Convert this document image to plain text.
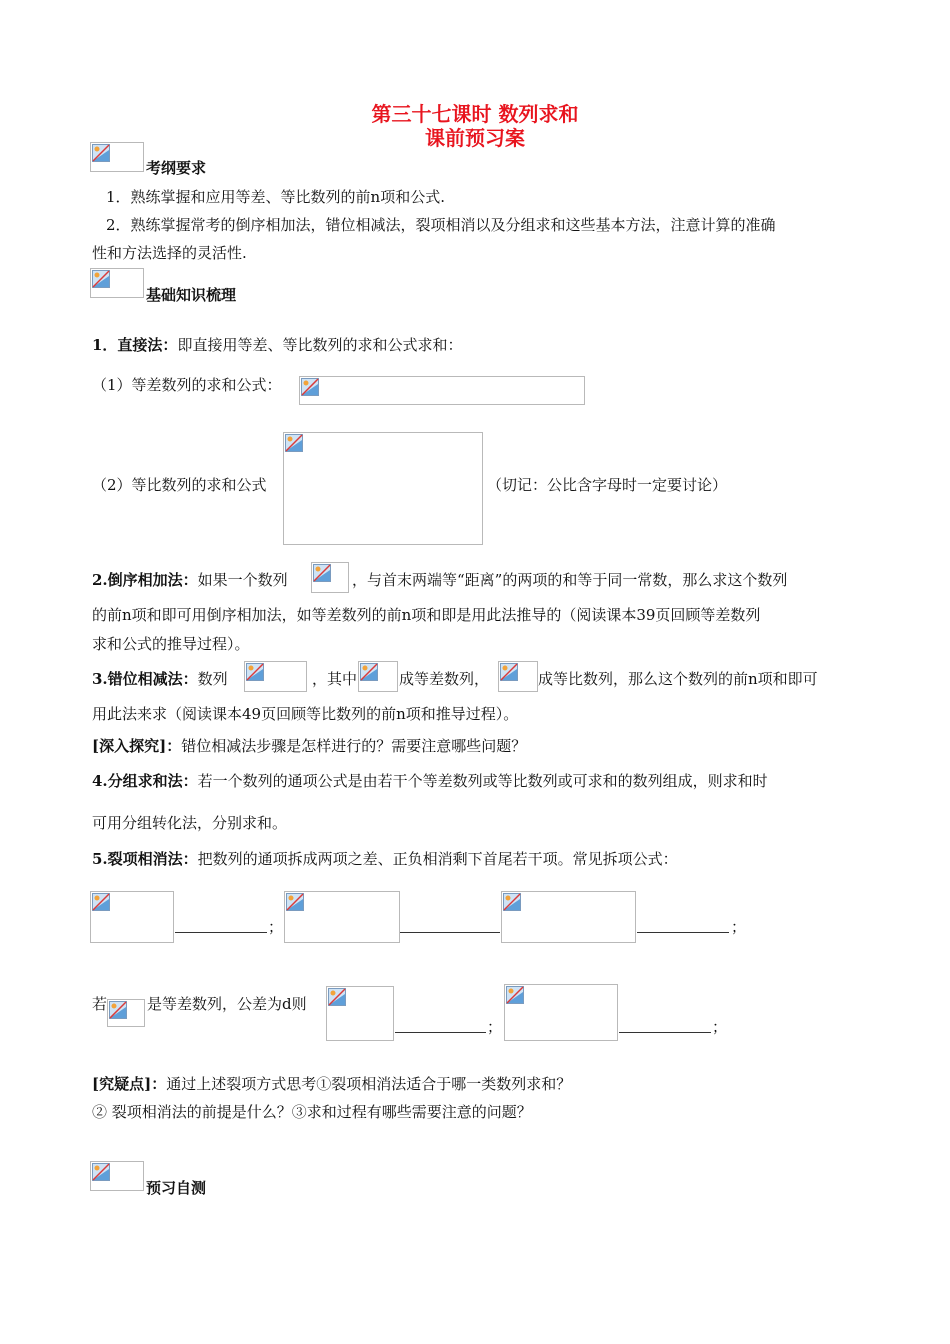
第三十七课时 数列求和
课前预习案
考纲要求
1．熟练掌握和应用等差、等比数列的前n项和公式.
2．熟练掌握常考的倒序相加法，错位相减法，裂项相消以及分组求和这些基本方法，注意计算的准确
性和方法选择的灵活性.
基础知识梳理
1．直接法：即直接用等差、等比数列的求和公式求和：
（1）等差数列的求和公式：
（2）等比数列的求和公式	（切记：公比含字母时一定要讨论）
2.倒序相加法：如果一个数列	，与首末两端等“距离”的两项的和等于同一常数，那么求这个数列
的前n项和即可用倒序相加法，如等差数列的前n项和即是用此法推导的（阅读课本39页回顾等差数列
求和公式的推导过程）。
3.错位相减法：数列	，其中	成等差数列，	成等比数列，那么这个数列的前n项和即可
用此法来求（阅读课本49页回顾等比数列的前n项和推导过程）。
[深入探究]：错位相减法步骤是怎样进行的？需要注意哪些问题？
4.分组求和法：若一个数列的通项公式是由若干个等差数列或等比数列或可求和的数列组成，则求和时
可用分组转化法，分别求和。
5.裂项相消法：把数列的通项拆成两项之差、正负相消剩下首尾若干项。常见拆项公式：
；	；
若	是等差数列，公差为d则
；	；
[究疑点]：通过上述裂项方式思考①裂项相消法适合于哪一类数列求和？
② 裂项相消法的前提是什么？③求和过程有哪些需要注意的问题？
预习自测
